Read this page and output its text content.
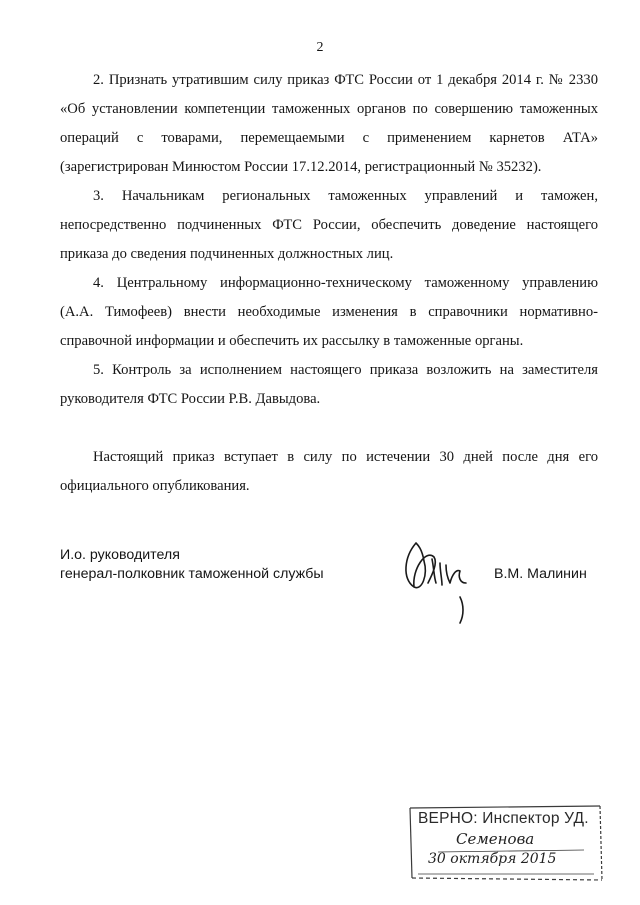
2

2. Признать утратившим силу приказ ФТС России от 1 декабря 2014 г. № 2330 «Об установлении компетенции таможенных органов по совершению таможенных операций с товарами, перемещаемыми с применением карнетов АТА» (зарегистрирован Минюстом России 17.12.2014, регистрационный № 35232).

3. Начальникам региональных таможенных управлений и таможен, непосредственно подчиненных ФТС России, обеспечить доведение настоящего приказа до сведения подчиненных должностных лиц.

4. Центральному информационно-техническому таможенному управлению (А.А. Тимофеев) внести необходимые изменения в справочники нормативно-справочной информации и обеспечить их рассылку в таможенные органы.

5. Контроль за исполнением настоящего приказа возложить на заместителя руководителя ФТС России Р.В. Давыдова.

Настоящий приказ вступает в силу по истечении 30 дней после дня его официального опубликования.

И.о. руководителя
генерал-полковник таможенной службы	В.М. Малинин
ВЕРНО: Инспектор УД.
Семенова
30 октября 2015
